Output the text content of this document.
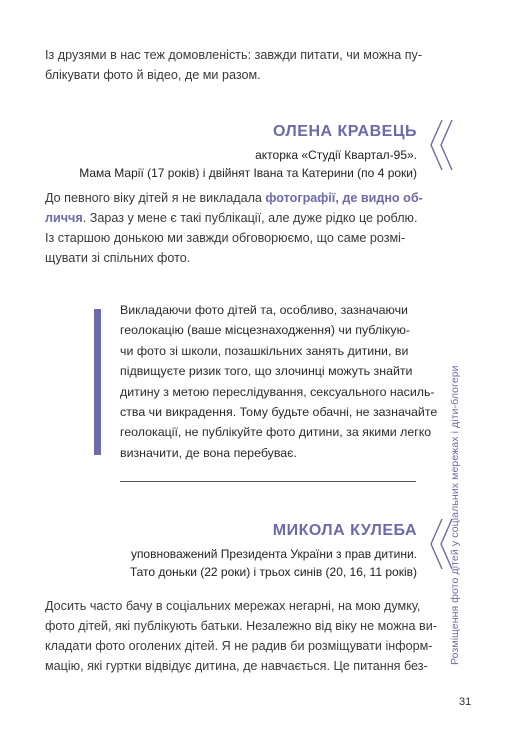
Із друзями в нас теж домовленість: завжди питати, чи можна пу-
блікувати фото й відео, де ми разом.

ОЛЕНА КРАВЕЦЬ
акторка «Студії Квартал-95».
Мама Марії (17 років) і двійнят Івана та Катерини (по 4 роки)

До певного віку дітей я не викладала фотографії, де видно об-
личчя. Зараз у мене є такі публікації, але дуже рідко це роблю.
Із старшою донькою ми завжди обговорюємо, що саме розмі-
щувати зі спільних фото.

Викладаючи фото дітей та, особливо, зазначаючи
геолокацію (ваше місцезнаходження) чи публікую-
чи фото зі школи, позашкільних занять дитини, ви
підвищуєте ризик того, що злочинці можуть знайти
дитину з метою переслідування, сексуального насиль-
ства чи викрадення. Тому будьте обачні, не зазначайте
геолокації, не публікуйте фото дитини, за якими легко
визначити, де вона перебуває.

МИКОЛА КУЛЕБА
уповноважений Президента України з прав дитини.
Тато доньки (22 роки) і трьох синів (20, 16, 11 років)

Досить часто бачу в соціальних мережах негарні, на мою думку,
фото дітей, які публікують батьки. Незалежно від віку не можна ви-
кладати фото оголених дітей. Я не радив би розміщувати інформ-
мацію, які гуртки відвідує дитина, де навчається. Це питання без-

Розміщення фото дітей у соціальних мережах і діти-блогери
31
